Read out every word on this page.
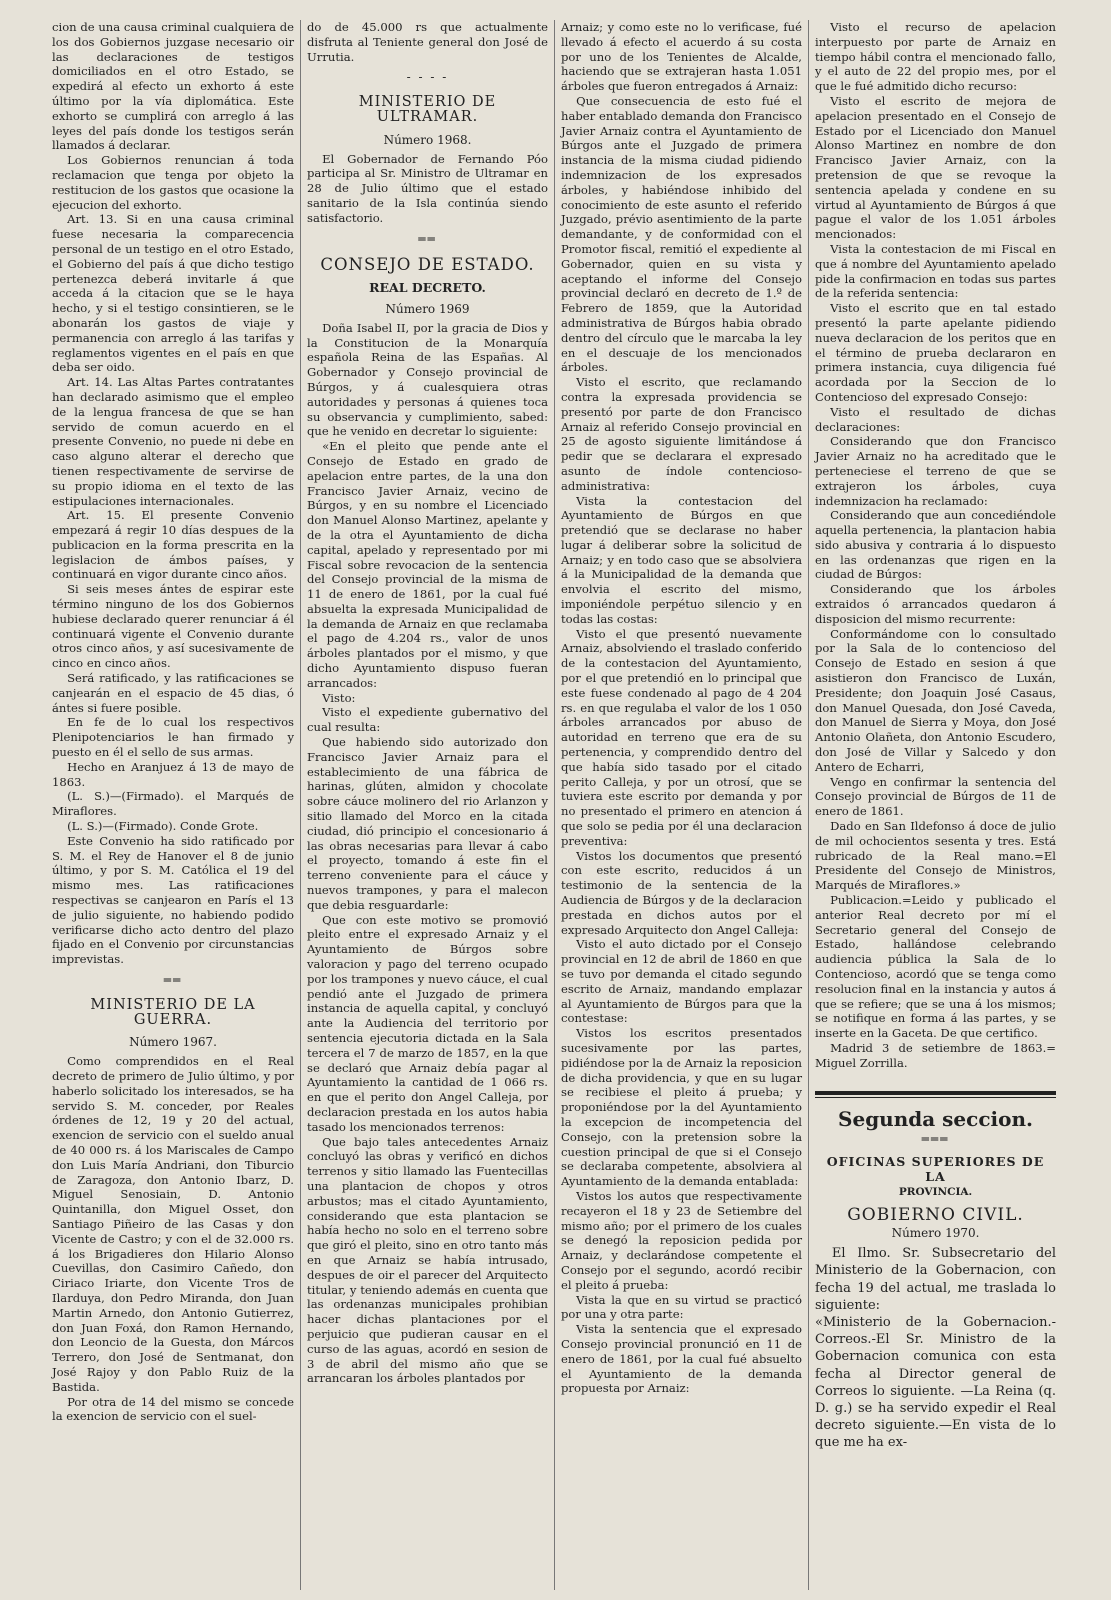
cion de una causa criminal cualquiera de los dos Gobiernos juzgase necesario oir las declaraciones de testigos domiciliados en el otro Estado, se expedirá al efecto un exhorto á este último por la vía diplomática. Este exhorto se cumplirá con arreglo á las leyes del país donde los testigos serán llamados á declarar.

Los Gobiernos renuncian á toda reclamacion que tenga por objeto la restitucion de los gastos que ocasione la ejecucion del exhorto.

Art. 13. Si en una causa criminal fuese necesaria la comparecencia personal de un testigo en el otro Estado, el Gobierno del país á que dicho testigo pertenezca deberá invitarle á que acceda á la citacion que se le haya hecho, y si el testigo consintieren, se le abonarán los gastos de viaje y permanencia con arreglo á las tarifas y reglamentos vigentes en el país en que deba ser oido.

Art. 14. Las Altas Partes contratantes han declarado asimismo que el empleo de la lengua francesa de que se han servido de comun acuerdo en el presente Convenio, no puede ni debe en caso alguno alterar el derecho que tienen respectivamente de servirse de su propio idioma en el texto de las estipulaciones internacionales.

Art. 15. El presente Convenio empezará á regir 10 días despues de la publicacion en la forma prescrita en la legislacion de ámbos países, y continuará en vigor durante cinco años.

Si seis meses ántes de espirar este término ninguno de los dos Gobiernos hubiese declarado querer renunciar á él continuará vigente el Convenio durante otros cinco años, y así sucesivamente de cinco en cinco años.

Será ratificado, y las ratificaciones se canjearán en el espacio de 45 dias, ó ántes si fuere posible.

En fe de lo cual los respectivos Plenipotenciarios le han firmado y puesto en él el sello de sus armas.

Hecho en Aranjuez á 13 de mayo de 1863.

(L. S.)—(Firmado). el Marqués de Miraflores.

(L. S.)—(Firmado). Conde Grote.

Este Convenio ha sido ratificado por S. M. el Rey de Hanover el 8 de junio último, y por S. M. Católica el 19 del mismo mes. Las ratificaciones respectivas se canjearon en París el 13 de julio siguiente, no habiendo podido verificarse dicho acto dentro del plazo fijado en el Convenio por circunstancias imprevistas.

══
MINISTERIO DE LA GUERRA.
Número 1967.

Como comprendidos en el Real decreto de primero de Julio último, y por haberlo solicitado los interesados, se ha servido S. M. conceder, por Reales órdenes de 12, 19 y 20 del actual, exencion de servicio con el sueldo anual de 40 000 rs. á los Mariscales de Campo don Luis María Andriani, don Tiburcio de Zaragoza, don Antonio Ibarz, D. Miguel Senosiain, D. Antonio Quintanilla, don Miguel Osset, don Santiago Piñeiro de las Casas y don Vicente de Castro; y con el de 32.000 rs. á los Brigadieres don Hilario Alonso Cuevillas, don Casimiro Cañedo, don Ciriaco Iriarte, don Vicente Tros de Ilarduya, don Pedro Miranda, don Juan Martin Arnedo, don Antonio Gutierrez, don Juan Foxá, don Ramon Hernando, don Leoncio de la Guesta, don Márcos Terrero, don José de Sentmanat, don José Rajoy y don Pablo Ruiz de la Bastida.

Por otra de 14 del mismo se concede la exencion de servicio con el suel-

do de 45.000 rs que actualmente disfruta al Teniente general don José de Urrutia.

- - - -
MINISTERIO DE ULTRAMAR.
Número 1968.

El Gobernador de Fernando Póo participa al Sr. Ministro de Ultramar en 28 de Julio último que el estado sanitario de la Isla continúa siendo satisfactorio.

══
CONSEJO DE ESTADO.
REAL DECRETO.
Número 1969

Doña Isabel II, por la gracia de Dios y la Constitucion de la Monarquía española Reina de las Españas. Al Gobernador y Consejo provincial de Búrgos, y á cualesquiera otras autoridades y personas á quienes toca su observancia y cumplimiento, sabed: que he venido en decretar lo siguiente:

«En el pleito que pende ante el Consejo de Estado en grado de apelacion entre partes, de la una don Francisco Javier Arnaiz, vecino de Búrgos, y en su nombre el Licenciado don Manuel Alonso Martinez, apelante y de la otra el Ayuntamiento de dicha capital, apelado y representado por mi Fiscal sobre revocacion de la sentencia del Consejo provincial de la misma de 11 de enero de 1861, por la cual fué absuelta la expresada Municipalidad de la demanda de Arnaiz en que reclamaba el pago de 4.204 rs., valor de unos árboles plantados por el mismo, y que dicho Ayuntamiento dispuso fueran arrancados:

Visto:

Visto el expediente gubernativo del cual resulta:

Que habiendo sido autorizado don Francisco Javier Arnaiz para el establecimiento de una fábrica de harinas, glúten, almidon y chocolate sobre cáuce molinero del rio Arlanzon y sitio llamado del Morco en la citada ciudad, dió principio el concesionario á las obras necesarias para llevar á cabo el proyecto, tomando á este fin el terreno conveniente para el cáuce y nuevos trampones, y para el malecon que debia resguardarle:

Que con este motivo se promovió pleito entre el expresado Arnaiz y el Ayuntamiento de Búrgos sobre valoracion y pago del terreno ocupado por los trampones y nuevo cáuce, el cual pendió ante el Juzgado de primera instancia de aquella capital, y concluyó ante la Audiencia del territorio por sentencia ejecutoria dictada en la Sala tercera el 7 de marzo de 1857, en la que se declaró que Arnaiz debía pagar al Ayuntamiento la cantidad de 1 066 rs. en que el perito don Angel Calleja, por declaracion prestada en los autos habia tasado los mencionados terrenos:

Que bajo tales antecedentes Arnaiz concluyó las obras y verificó en dichos terrenos y sitio llamado las Fuentecillas una plantacion de chopos y otros arbustos; mas el citado Ayuntamiento, considerando que esta plantacion se había hecho no solo en el terreno sobre que giró el pleito, sino en otro tanto más en que Arnaiz se había intrusado, despues de oir el parecer del Arquitecto titular, y teniendo además en cuenta que las ordenanzas municipales prohibian hacer dichas plantaciones por el perjuicio que pudieran causar en el curso de las aguas, acordó en sesion de 3 de abril del mismo año que se arrancaran los árboles plantados por

Arnaiz; y como este no lo verificase, fué llevado á efecto el acuerdo á su costa por uno de los Tenientes de Alcalde, haciendo que se extrajeran hasta 1.051 árboles que fueron entregados á Arnaiz:

Que consecuencia de esto fué el haber entablado demanda don Francisco Javier Arnaiz contra el Ayuntamiento de Búrgos ante el Juzgado de primera instancia de la misma ciudad pidiendo indemnizacion de los expresados árboles, y habiéndose inhibido del conocimiento de este asunto el referido Juzgado, prévio asentimiento de la parte demandante, y de conformidad con el Promotor fiscal, remitió el expediente al Gobernador, quien en su vista y aceptando el informe del Consejo provincial declaró en decreto de 1.º de Febrero de 1859, que la Autoridad administrativa de Búrgos habia obrado dentro del círculo que le marcaba la ley en el descuaje de los mencionados árboles.

Visto el escrito, que reclamando contra la expresada providencia se presentó por parte de don Francisco Arnaiz al referido Consejo provincial en 25 de agosto siguiente limitándose á pedir que se declarara el expresado asunto de índole contencioso-administrativa:

Vista la contestacion del Ayuntamiento de Búrgos en que pretendió que se declarase no haber lugar á deliberar sobre la solicitud de Arnaiz; y en todo caso que se absolviera á la Municipalidad de la demanda que envolvia el escrito del mismo, imponiéndole perpétuo silencio y en todas las costas:

Visto el que presentó nuevamente Arnaiz, absolviendo el traslado conferido de la contestacion del Ayuntamiento, por el que pretendió en lo principal que este fuese condenado al pago de 4 204 rs. en que regulaba el valor de los 1 050 árboles arrancados por abuso de autoridad en terreno que era de su pertenencia, y comprendido dentro del que había sido tasado por el citado perito Calleja, y por un otrosí, que se tuviera este escrito por demanda y por no presentado el primero en atencion á que solo se pedia por él una declaracion preventiva:

Vistos los documentos que presentó con este escrito, reducidos á un testimonio de la sentencia de la Audiencia de Búrgos y de la declaracion prestada en dichos autos por el expresado Arquitecto don Angel Calleja:

Visto el auto dictado por el Consejo provincial en 12 de abril de 1860 en que se tuvo por demanda el citado segundo escrito de Arnaiz, mandando emplazar al Ayuntamiento de Búrgos para que la contestase:

Vistos los escritos presentados sucesivamente por las partes, pidiéndose por la de Arnaiz la reposicion de dicha providencia, y que en su lugar se recibiese el pleito á prueba; y proponiéndose por la del Ayuntamiento la excepcion de incompetencia del Consejo, con la pretension sobre la cuestion principal de que si el Consejo se declaraba competente, absolviera al Ayuntamiento de la demanda entablada:

Vistos los autos que respectivamente recayeron el 18 y 23 de Setiembre del mismo año; por el primero de los cuales se denegó la reposicion pedida por Arnaiz, y declarándose competente el Consejo por el segundo, acordó recibir el pleito á prueba:

Vista la que en su virtud se practicó por una y otra parte:

Vista la sentencia que el expresado Consejo provincial pronunció en 11 de enero de 1861, por la cual fué absuelto el Ayuntamiento de la demanda propuesta por Arnaiz:

Visto el recurso de apelacion interpuesto por parte de Arnaiz en tiempo hábil contra el mencionado fallo, y el auto de 22 del propio mes, por el que le fué admitido dicho recurso:

Visto el escrito de mejora de apelacion presentado en el Consejo de Estado por el Licenciado don Manuel Alonso Martinez en nombre de don Francisco Javier Arnaiz, con la pretension de que se revoque la sentencia apelada y condene en su virtud al Ayuntamiento de Búrgos á que pague el valor de los 1.051 árboles mencionados:

Vista la contestacion de mi Fiscal en que á nombre del Ayuntamiento apelado pide la confirmacion en todas sus partes de la referida sentencia:

Visto el escrito que en tal estado presentó la parte apelante pidiendo nueva declaracion de los peritos que en el término de prueba declararon en primera instancia, cuya diligencia fué acordada por la Seccion de lo Contencioso del expresado Consejo:

Visto el resultado de dichas declaraciones:

Considerando que don Francisco Javier Arnaiz no ha acreditado que le perteneciese el terreno de que se extrajeron los árboles, cuya indemnizacion ha reclamado:

Considerando que aun concediéndole aquella pertenencia, la plantacion habia sido abusiva y contraria á lo dispuesto en las ordenanzas que rigen en la ciudad de Búrgos:

Considerando que los árboles extraidos ó arrancados quedaron á disposicion del mismo recurrente:

Conformándome con lo consultado por la Sala de lo contencioso del Consejo de Estado en sesion á que asistieron don Francisco de Luxán, Presidente; don Joaquin José Casaus, don Manuel Quesada, don José Caveda, don Manuel de Sierra y Moya, don José Antonio Olañeta, don Antonio Escudero, don José de Villar y Salcedo y don Antero de Echarri,

Vengo en confirmar la sentencia del Consejo provincial de Búrgos de 11 de enero de 1861.

Dado en San Ildefonso á doce de julio de mil ochocientos sesenta y tres. Está rubricado de la Real mano.=El Presidente del Consejo de Ministros, Marqués de Miraflores.»

Publicacion.=Leido y publicado el anterior Real decreto por mí el Secretario general del Consejo de Estado, hallándose celebrando audiencia pública la Sala de lo Contencioso, acordó que se tenga como resolucion final en la instancia y autos á que se refiere; que se una á los mismos; se notifique en forma á las partes, y se inserte en la Gaceta. De que certifico.

Madrid 3 de setiembre de 1863.= Miguel Zorrilla.

Segunda seccion.
═══
OFICINAS SUPERIORES DE LA
PROVINCIA.
GOBIERNO CIVIL.
Número 1970.

El Ilmo. Sr. Subsecretario del Ministerio de la Gobernacion, con fecha 19 del actual, me traslada lo siguiente:

«Ministerio de la Gobernacion.-Correos.-El Sr. Ministro de la Gobernacion comunica con esta fecha al Director general de Correos lo siguiente. —La Reina (q. D. g.) se ha servido expedir el Real decreto siguiente.—En vista de lo que me ha ex-
